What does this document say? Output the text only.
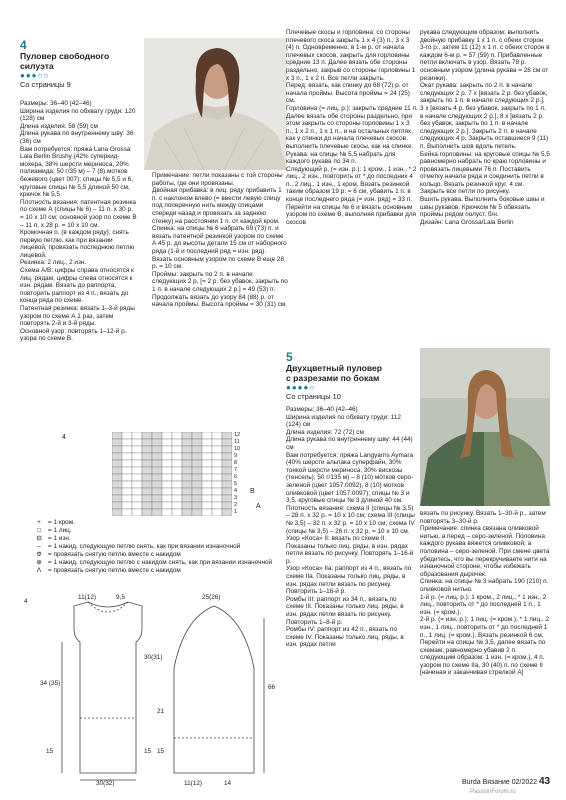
4
Пуловер свободного
силуэта
●●●○○
Со страницы 9

Размеры: 36–40 (42–46)

Ширина изделия по обхвату груди: 120 (128) см

Длина изделия: 58 (59) см

Длина рукава по внутреннему шву: 36 (36) см

Вам потребуется: пряжа Lana Grossa Lala Berlin Brushy (42% суперкид-мохера, 38% шерсти мериноса, 20% полиамида; 50 г/35 м) – 7 (8) мотков бежевого (цвет 007); спицы № 5,5 и 6, круговые спицы № 5,5 длиной 50 см, крючок № 5,5.

Плотность вязания: патентная резинка по схеме А (спицы № 6) – 11 п. х 30 р. = 10 х 10 см; основной узор по схеме В – 11 п. х 28 р. = 10 х 10 см.

Кромочная п. (в каждом ряду): снять первую петлю, как при вязании лицевой, провязать последнюю петлю лицевой.

Резинка: 2 лиц., 2 изн.

Схема А/В: цифры справа относятся к лиц. рядам, цифры слева относятся к изн. рядам. Вязать до раппорта, повторить раппорт из 4 п., вязать до конца ряда по схеме.

Патентная резинка: вязать 1–3-й ряды узором по схеме А 1 раз, затем повторять 2-й и 3-й ряды.

Основной узор: повторять 1–12-й р. узора по схеме В.

Примечание: петли показаны с той стороны работы, где они провязаны.

Двойная прибавка: в лиц. ряду прибавить 1 п. с наклоном влево (= ввести левую спицу под поперечную нить между спицами спереди назад и провязать за заднюю стенку) на расстоянии 1 п. от каждой кром.

Спинка: на спицы № 6 набрать 69 (73) п. и вязать патентной резинкой узором по схеме А 45 р. до высоты детали 15 см от наборного ряда (1-й и последний ряд = изн. ряд). Вязать основным узором по схеме В еще 28 р. = 10 см.

Проймы: закрыть по 2 п. в начале следующих 2 р. [= 2 р. без убавок, закрыть по 1 п. в начале следующих 2 р.] = 49 (53) п. Продолжать вязать до узору 84 (88) р. от начала проймы. Высота проймы = 30 (31) см.

Плечевые скосы и горловина: со стороны плечевого скоса закрыть 1 х 4 (3) п., 3 х 3 (4) п. Одновременно, в 1-м р. от начала плечевых скосов, закрыть для горловины средние 13 п. Далее вязать обе стороны раздельно, закрыв со стороны горловины 1 х 3 п., 1 х 2 п. Все петли закрыть.

Перед: вязать, как спинку до 68 (72) р. от начала проймы. Высота проймы = 24 (25) см.

Горловина (= лиц. р.): закрыть средние 11 п. Далее вязать обе стороны раздельно, при этом закрыть со стороны горловины 1 х 3 п., 1 х 2 п., 1 х 1 п., и на остальных петлях, как у спинки до начала плечевых скосов, выполнить плечевые скосы, как на спинке.

Рукава: на спицы № 5,5 набрать для каждого рукава по 34 п.

Следующий р. (= изн. р.): 1 кром., 1 изн., * 2 лиц., 2 изн., повторить от * до последних 4 п., 2 лиц., 1 изн., 1 кром. Вязать резинкой таким образом 19 р. = 6 см, убавить 1 п. в конце последнего ряда (= изн. ряд) = 33 п.

Перейти на спицы № 6 и вязать основным узором по схеме В, выполняя прибавки для скосов

рукава следующим образом: выполнить двойную прибавку 1 х 1 п. с обеих сторон 3-го р., затем 11 (12) х 1 п. с обеих сторон в каждом 6-м р. = 57 (59) п. Прибавленные петли включать в узор. Вязать 78 р. основным узором (длина рукава = 28 см от резинки).

Окат рукава: закрыть по 2 п. в начале следующих 2 р. 7 х [вязать 2 р. без убавок, закрыть по 1 п. в начале следующих 2 р.], 3 х [вязать 4 р. без убавок, закрыть по 1 п. в начале следующих 2 р.], 8 х [вязать 2 р. без убавок, закрыть по 1 п. в начале следующих 2 р.]. Закрыть 2 п. в начале следующих 4 р. Закрыть оставшиеся 9 (11) п. Выполнить шов вдоль петель.

Бейка горловины: на круговые спицы № 5,5 равномерно набрать по краю горловины и провязать лицевыми 76 п. Поставить отметку начала ряда и соединить петли в кольцо. Вязать резинкой круг. 4 см. Закрыть все петли по рисунку.

Вшить рукава. Выполнить боковые швы и швы рукавов. Крючком № 5 обвязать проймы рядом полуст. б/н.

Дизайн: Lana Grossa/Lala Berlin

5
Двухцветный пуловер
с разрезами по бокам
●●●●○
Со страницы 10

Размеры: 36–40 (42–46)

Ширина изделия по обхвату груди: 112 (124) см

Длина изделия: 72 (72) см

Длина рукава по внутреннему шву: 44 (44) см

Вам потребуется: пряжа Langyarns Aymara (40% шерсти альпака суперфайн, 30% тонкой шерсти мериноса, 30% вискозы (тенсель); 50 г/135 м) – 8 (10) мотков серо-зеленой (цвет 1057.0092), 8 (10) мотков оливковой (цвет 1057.0097); спицы № 3 и 3,5, круговые спицы № 3 длиной 40 см.

Плотность вязания: схема II (спицы № 3,5) – 28 п. х 32 р. = 10 х 10 см; схема III (спицы № 3,5) – 32 п. х 32 р. = 10 х 10 см; схема IV (спицы № 3,5) – 26 п. х 32 р. = 10 х 10 см.

Узор «Коса» II: вязать по схеме II. Показаны только лиц. ряды, в изн. рядах петли вязать по рисунку. Повторять 1–16-й р.

Узор «Коса» IIa: раппорт из 4 п., вязать по схеме IIa. Показаны только лиц. ряды, в изн. рядах петли вязать по рисунку. Повторить 1–16-й р.

Ромбы III: раппорт из 34 п., вязать по схеме III. Показаны только лиц. ряды, в изн. рядах петли вязать по рисунку. Повторить 1–8-й р.

Ромбы IV: раппорт из 42 п., вязать по схеме IV. Показаны только лиц. ряды, в изн. рядах петли

вязать по рисунку. Вязать 1–30-й р., затем повторять 3–30-й р.

Примечание: спинка связана оливковой нитью, а перед – серо-зеленой. Половина каждого рукава вяжется оливковой, а половина – серо-зеленой. При смене цвета убедитесь, что вы перекручиваете нити на изнаночной стороне, чтобы избежать образования дырочек.

Спинка: на спицы № 3 набрать 190 (210) п. оливковой нитью.

1-й р. (= лиц. р.): 1 кром., 2 лиц., * 1 изн., 2 лиц., повторить от * до последней 1 п., 1 изн. (= кром.).

2-й р. (= изн. р.): 1 лиц. (= кром.), * 1 лиц., 2 изн., 1 лиц., повторить от * до последней 1 п., 1 лиц. (= кром.). Вязать резинкой 6 см.

Перейти на спицы № 3,5, далее вязать по схемам, равномерно убавив 2 п. следующим образом: 1 изн. (= кром.), 4 п. узором по схеме IIa, 30 (40) п. по схеме II [начиная и заканчивая стрелкой А]

4	12
11
10
9
8
7
6
5
4
3
2
1
B
A
+	= 1 кром.
□	= 1 лиц.
⊟ = 1 изн.
–	= 1 накид, следующую петлю снять, как при вязании изнаночной
Φ	= провязать снятую петлю вместе с накидом
⊕ = 1 накид, следующую петлю с накидом снять, как при вязании изнаночной
Λ	= провязать снятую петлю вместе с накидом
4
11(12)	9,5
34 (35)
15
30(32)
30(31)
15
25(26)
66
11(12)	14
21
15
Burda Вязание 02/2022 43
PassionForum.ru
